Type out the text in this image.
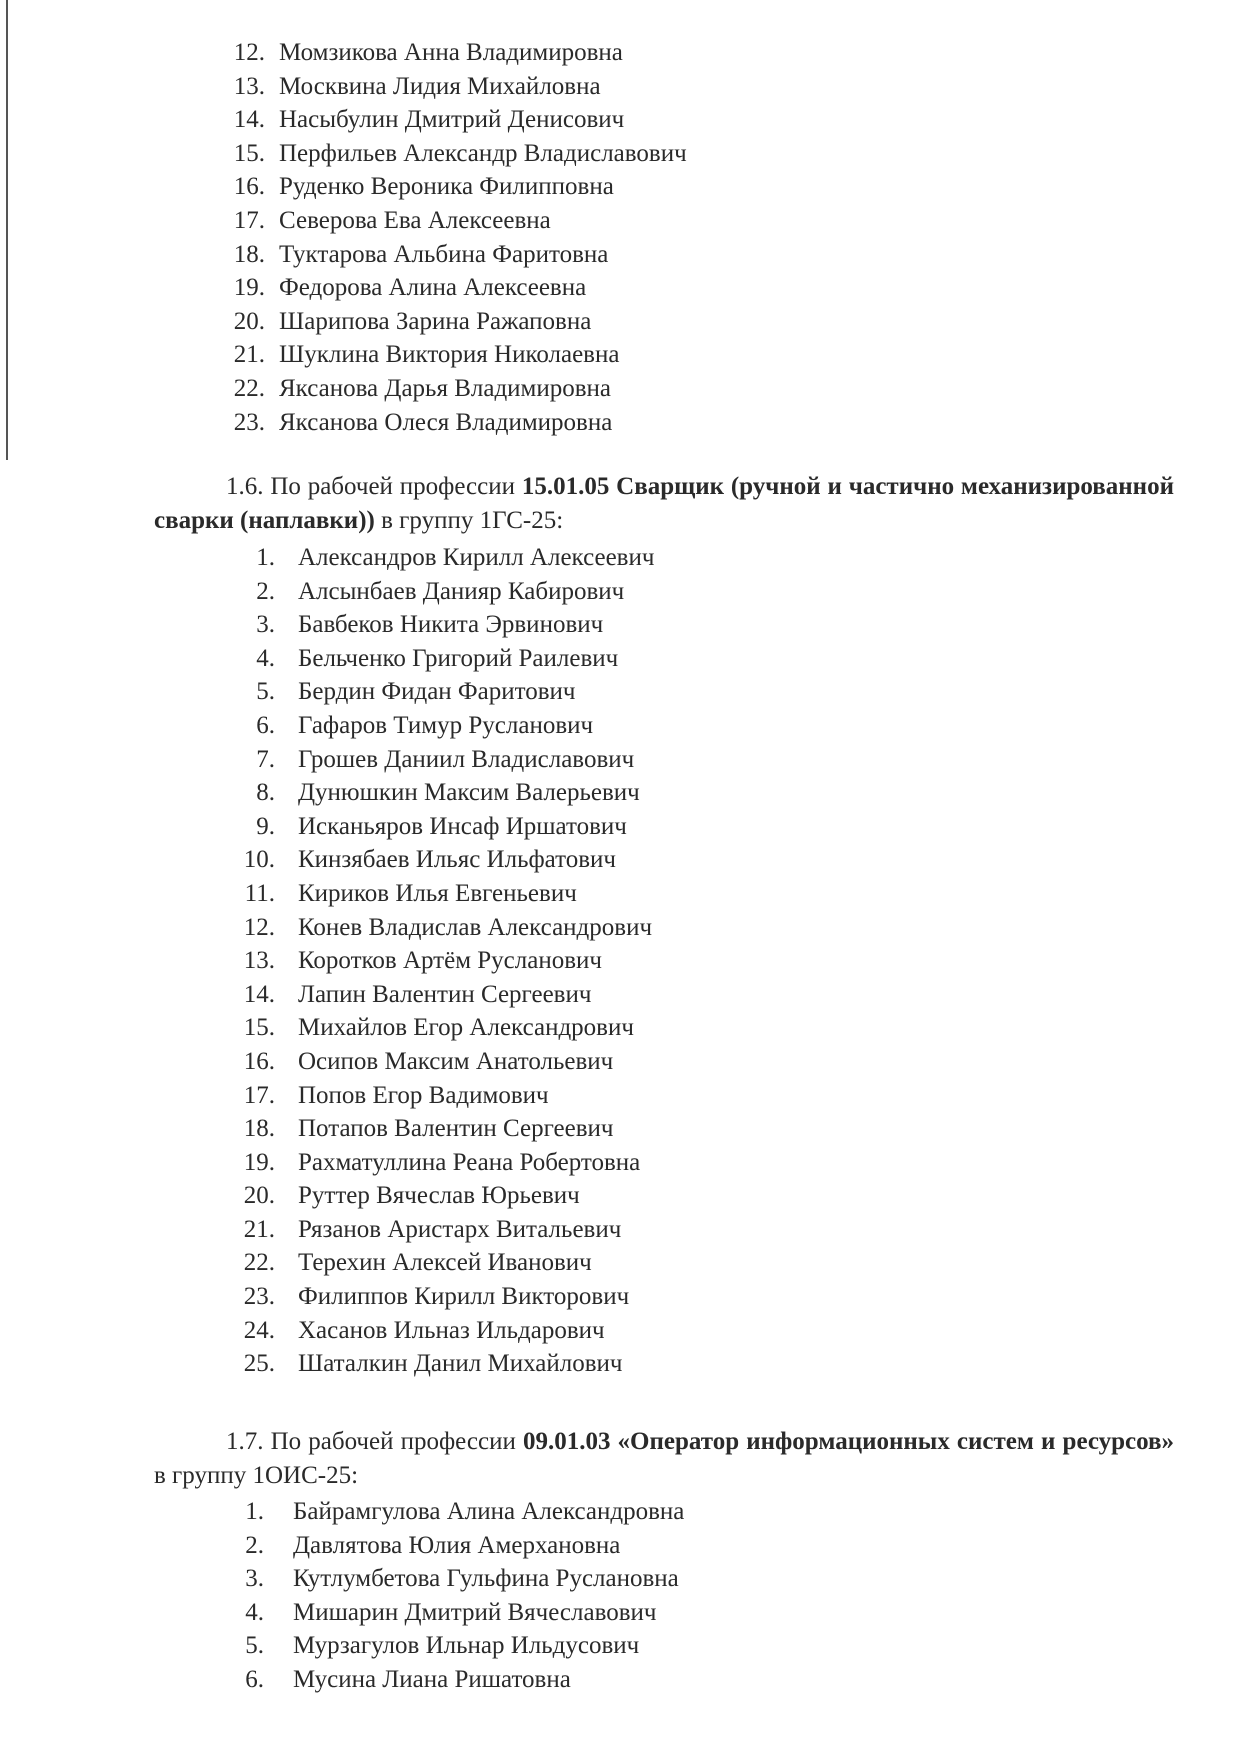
12. Момзикова Анна Владимировна
13. Москвина Лидия Михайловна
14. Насыбулин Дмитрий Денисович
15. Перфильев Александр Владиславович
16. Руденко Вероника Филипповна
17. Северова Ева Алексеевна
18. Туктарова Альбина Фаритовна
19. Федорова Алина Алексеевна
20. Шарипова Зарина Ражаповна
21. Шуклина Виктория Николаевна
22. Яксанова Дарья Владимировна
23. Яксанова Олеся Владимировна
1.6. По рабочей профессии 15.01.05 Сварщик (ручной и частично механизированной сварки (наплавки)) в группу 1ГС-25:
1. Александров Кирилл Алексеевич
2. Алсынбаев Данияр Кабирович
3. Бавбеков Никита Эрвинович
4. Бельченко Григорий Раилевич
5. Бердин Фидан Фаритович
6. Гафаров Тимур Русланович
7. Грошев Даниил Владиславович
8. Дунюшкин Максим Валерьевич
9. Исканьяров Инсаф Иршатович
10. Кинзябаев Ильяс Ильфатович
11. Кириков Илья Евгеньевич
12. Конев Владислав Александрович
13. Коротков Артём Русланович
14. Лапин Валентин Сергеевич
15. Михайлов Егор Александрович
16. Осипов Максим Анатольевич
17. Попов Егор Вадимович
18. Потапов Валентин Сергеевич
19. Рахматуллина Реана Робертовна
20. Руттер Вячеслав Юрьевич
21. Рязанов Аристарх Витальевич
22. Терехин Алексей Иванович
23. Филиппов Кирилл Викторович
24. Хасанов Ильназ Ильдарович
25. Шаталкин Данил Михайлович
1.7. По рабочей профессии 09.01.03 «Оператор информационных систем и ресурсов» в группу 1ОИС-25:
1. Байрамгулова Алина Александровна
2. Давлятова Юлия Амерхановна
3. Кутлумбетова Гульфина Руслановна
4. Мишарин Дмитрий Вячеславович
5. Мурзагулов Ильнар Ильдусович
6. Мусина Лиана Ришатовна
